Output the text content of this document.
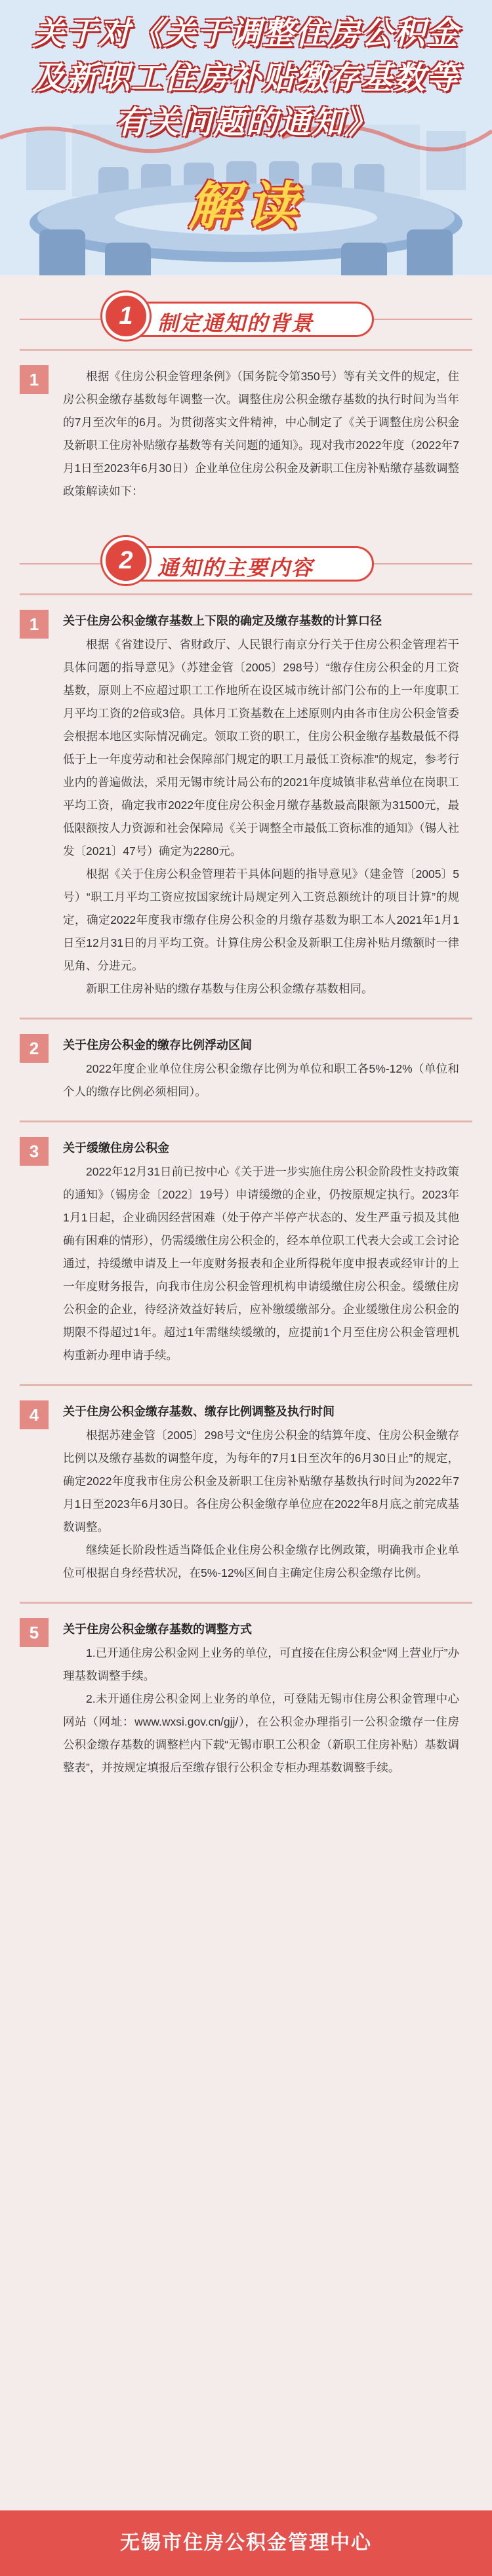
关于对《关于调整住房公积金
及新职工住房补贴缴存基数等
有关问题的通知》
解读
1	制定通知的背景
1	根据《住房公积金管理条例》（国务院令第350号）等有关文件的规定，住房公积金缴存基数每年调整一次。调整住房公积金缴存基数的执行时间为当年的7月至次年的6月。为贯彻落实文件精神，中心制定了《关于调整住房公积金及新职工住房补贴缴存基数等有关问题的通知》。现对我市2022年度（2022年7月1日至2023年6月30日）企业单位住房公积金及新职工住房补贴缴存基数调整政策解读如下：

2	通知的主要内容
1	关于住房公积金缴存基数上下限的确定及缴存基数的计算口径

根据《省建设厅、省财政厅、人民银行南京分行关于住房公积金管理若干具体问题的指导意见》（苏建金管〔2005〕298号）“缴存住房公积金的月工资基数，原则上不应超过职工工作地所在设区城市统计部门公布的上一年度职工月平均工资的2倍或3倍。具体月工资基数在上述原则内由各市住房公积金管委会根据本地区实际情况确定。领取工资的职工，住房公积金缴存基数最低不得低于上一年度劳动和社会保障部门规定的职工月最低工资标准”的规定，参考行业内的普遍做法，采用无锡市统计局公布的2021年度城镇非私营单位在岗职工平均工资，确定我市2022年度住房公积金月缴存基数最高限额为31500元，最低限额按人力资源和社会保障局《关于调整全市最低工资标准的通知》（锡人社发〔2021〕47号）确定为2280元。

根据《关于住房公积金管理若干具体问题的指导意见》（建金管〔2005〕5号）“职工月平均工资应按国家统计局规定列入工资总额统计的项目计算”的规定，确定2022年度我市缴存住房公积金的月缴存基数为职工本人2021年1月1日至12月31日的月平均工资。计算住房公积金及新职工住房补贴月缴额时一律见角、分进元。

新职工住房补贴的缴存基数与住房公积金缴存基数相同。

2	关于住房公积金的缴存比例浮动区间

2022年度企业单位住房公积金缴存比例为单位和职工各5%-12%（单位和个人的缴存比例必须相同）。

3	关于缓缴住房公积金

2022年12月31日前已按中心《关于进一步实施住房公积金阶段性支持政策的通知》（锡房金〔2022〕19号）申请缓缴的企业，仍按原规定执行。2023年1月1日起，企业确因经营困难（处于停产半停产状态的、发生严重亏损及其他确有困难的情形），仍需缓缴住房公积金的，经本单位职工代表大会或工会讨论通过，持缓缴申请及上一年度财务报表和企业所得税年度申报表或经审计的上一年度财务报告，向我市住房公积金管理机构申请缓缴住房公积金。缓缴住房公积金的企业，待经济效益好转后，应补缴缓缴部分。企业缓缴住房公积金的期限不得超过1年。超过1年需继续缓缴的，应提前1个月至住房公积金管理机构重新办理申请手续。

4	关于住房公积金缴存基数、缴存比例调整及执行时间

根据苏建金管〔2005〕298号文“住房公积金的结算年度、住房公积金缴存比例以及缴存基数的调整年度，为每年的7月1日至次年的6月30日止”的规定，确定2022年度我市住房公积金及新职工住房补贴缴存基数执行时间为2022年7月1日至2023年6月30日。各住房公积金缴存单位应在2022年8月底之前完成基数调整。

继续延长阶段性适当降低企业住房公积金缴存比例政策，明确我市企业单位可根据自身经营状况，在5%-12%区间自主确定住房公积金缴存比例。

5	关于住房公积金缴存基数的调整方式

1.已开通住房公积金网上业务的单位，可直接在住房公积金“网上营业厅”办理基数调整手续。

2.未开通住房公积金网上业务的单位，可登陆无锡市住房公积金管理中心网站（网址：www.wxsi.gov.cn/gjj/），在公积金办理指引一公积金缴存一住房公积金缴存基数的调整栏内下载“无锡市职工公积金（新职工住房补贴）基数调整表”，并按规定填报后至缴存银行公积金专柜办理基数调整手续。

无锡市住房公积金管理中心
